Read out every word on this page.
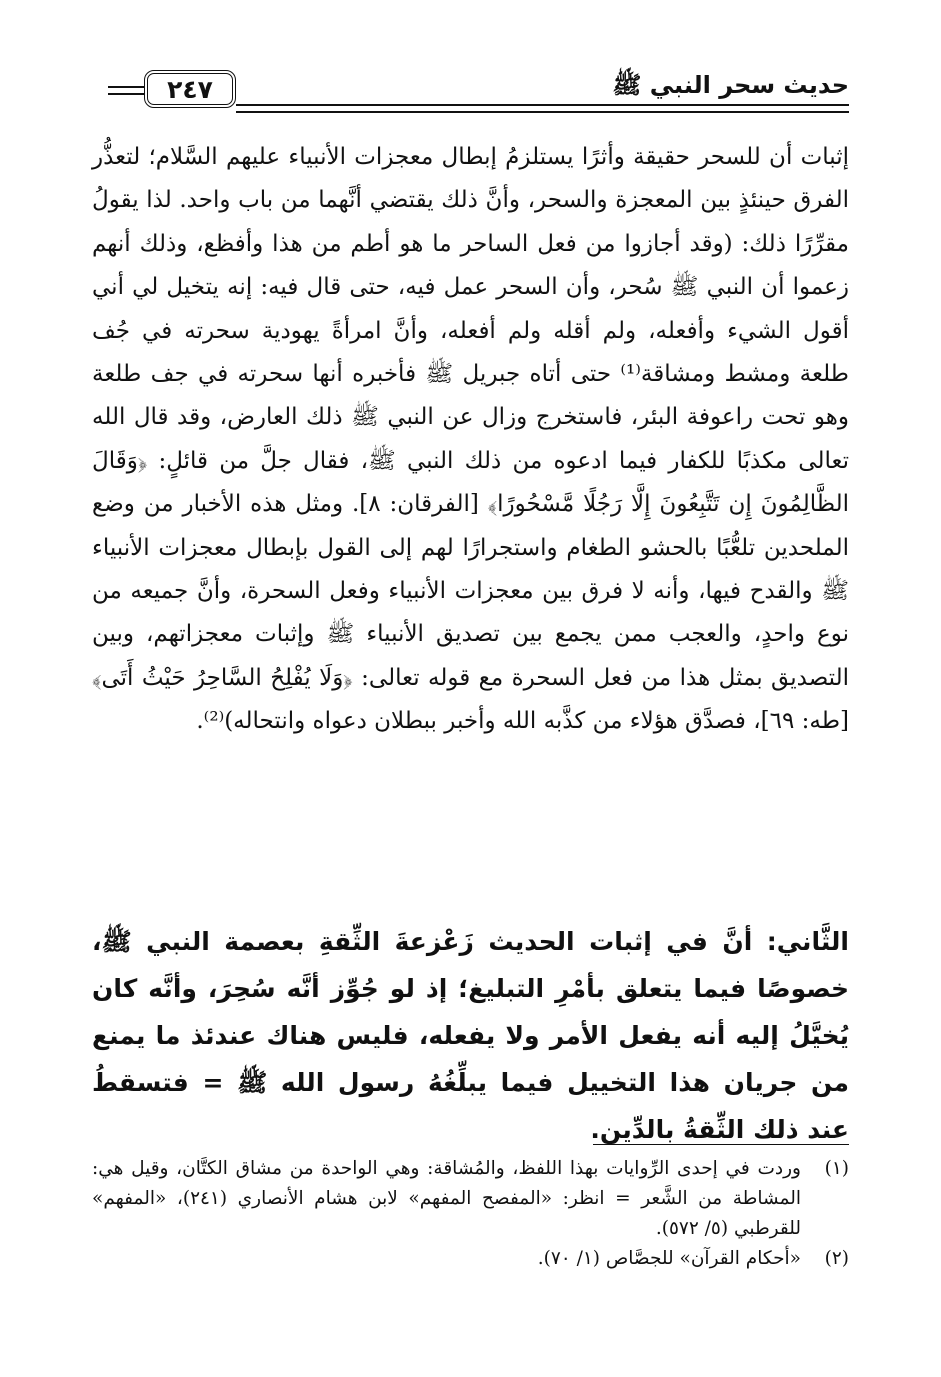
حديث سحر النبي ﷺ
٢٤٧

إثبات أن للسحر حقيقة وأثرًا يستلزمُ إبطال معجزات الأنبياء عليهم السَّلام؛ لتعذُّر الفرق حينئذٍ بين المعجزة والسحر، وأنَّ ذلك يقتضي أنَّهما من باب واحد. لذا يقولُ مقرِّرًا ذلك: (وقد أجازوا من فعل الساحر ما هو أطم من هذا وأفظع، وذلك أنهم زعموا أن النبي ﷺ سُحر، وأن السحر عمل فيه، حتى قال فيه: إنه يتخيل لي أني أقول الشيء وأفعله، ولم أقله ولم أفعله، وأنَّ امرأةً يهودية سحرته في جُف طلعة ومشط ومشاقة⁽¹⁾ حتى أتاه جبريل ﷺ فأخبره أنها سحرته في جف طلعة وهو تحت راعوفة البئر، فاستخرج وزال عن النبي ﷺ ذلك العارض، وقد قال الله تعالى مكذبًا للكفار فيما ادعوه من ذلك النبي ﷺ، فقال جلَّ من قائلٍ: ﴿وَقَالَ الظَّالِمُونَ إِن تَتَّبِعُونَ إِلَّا رَجُلًا مَّسْحُورًا﴾ [الفرقان: ٨]. ومثل هذه الأخبار من وضع الملحدين تلعُّبًا بالحشو الطغام واستجرارًا لهم إلى القول بإبطال معجزات الأنبياء ﷺ والقدح فيها، وأنه لا فرق بين معجزات الأنبياء وفعل السحرة، وأنَّ جميعه من نوع واحدٍ، والعجب ممن يجمع بين تصديق الأنبياء ﷺ وإثبات معجزاتهم، وبين التصديق بمثل هذا من فعل السحرة مع قوله تعالى: ﴿وَلَا يُفْلِحُ السَّاحِرُ حَيْثُ أَتَى﴾ [طه: ٦٩]، فصدَّق هؤلاء من كذَّبه الله وأخبر ببطلان دعواه وانتحاله)⁽²⁾.

الثَّاني: أنَّ في إثبات الحديث زَعْزعةَ الثِّقةِ بعصمة النبي ﷺ، خصوصًا فيما يتعلق بأمْرِ التبليغ؛ إذ لو جُوِّز أنَّه سُحِرَ، وأنَّه كان يُخيَّلُ إليه أنه يفعل الأمر ولا يفعله، فليس هناك عندئذ ما يمنع من جريان هذا التخييل فيما يبلِّغُهُ رسول الله ﷺ = فتسقطُ عند ذلك الثِّقةُ بالدِّين.

(١)
وردت في إحدى الرِّوايات بهذا اللفظ، والمُشاقة: وهي الواحدة من مشاق الكتَّان، وقيل هي: المشاطة من الشَّعر = انظر: «المفصح المفهم» لابن هشام الأنصاري (٢٤١)، «المفهم» للقرطبي (٥/ ٥٧٢).
(٢)
«أحكام القرآن» للجصَّاص (١/ ٧٠).
